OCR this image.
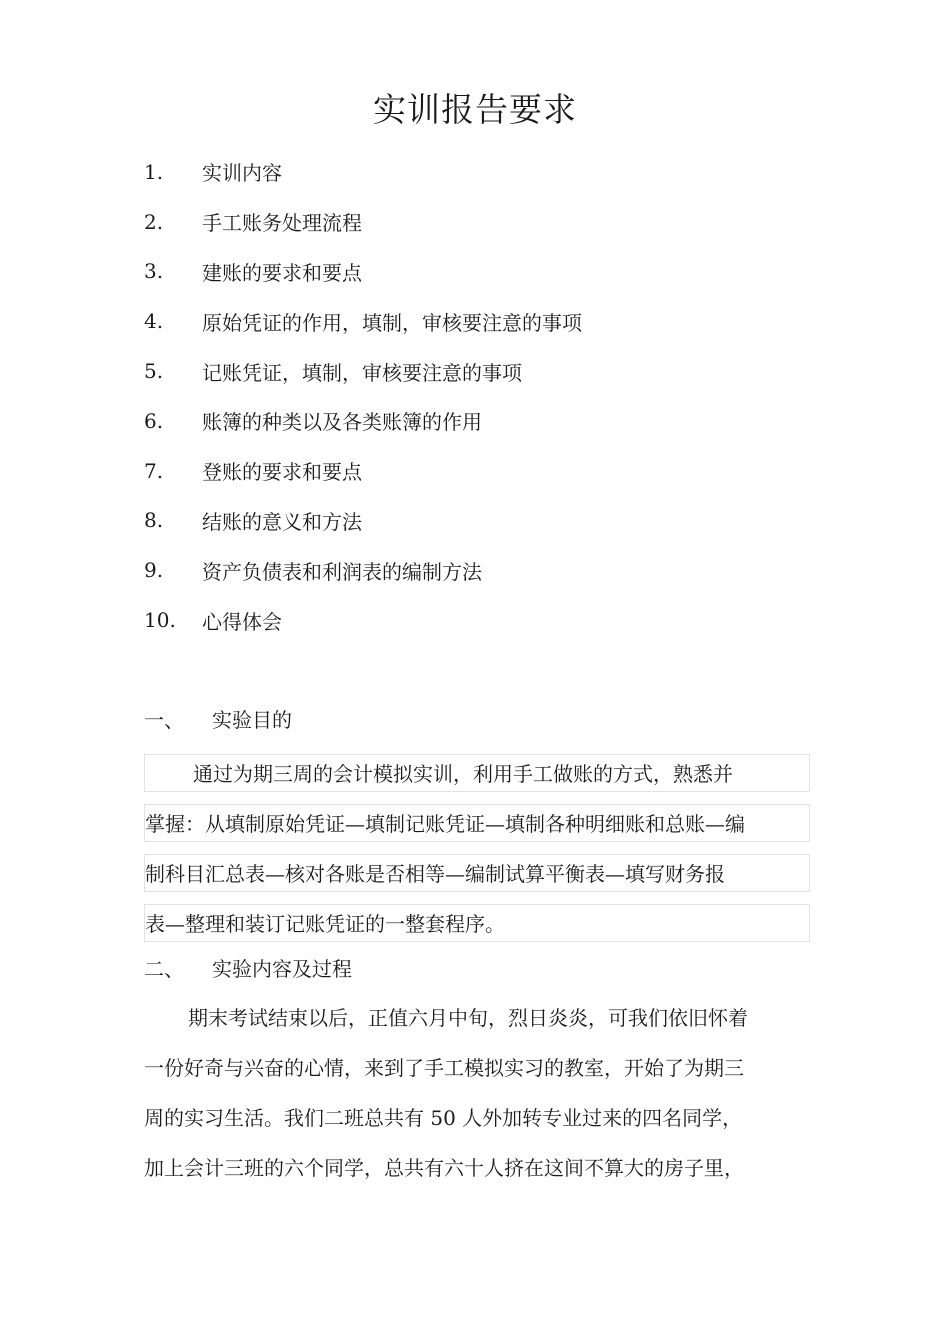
实训报告要求
1.	实训内容
2.	手工账务处理流程
3.	建账的要求和要点
4.	原始凭证的作用，填制，审核要注意的事项
5.	记账凭证，填制，审核要注意的事项
6.	账簿的种类以及各类账簿的作用
7.	登账的要求和要点
8.	结账的意义和方法
9.	资产负债表和利润表的编制方法
10.	心得体会
一、	实验目的
通过为期三周的会计模拟实训，利用手工做账的方式，熟悉并
掌握：从填制原始凭证—填制记账凭证—填制各种明细账和总账—编
制科目汇总表—核对各账是否相等—编制试算平衡表—填写财务报
表—整理和装订记账凭证的一整套程序。
二、	实验内容及过程
期末考试结束以后，正值六月中旬，烈日炎炎，可我们依旧怀着
一份好奇与兴奋的心情，来到了手工模拟实习的教室，开始了为期三
周的实习生活。我们二班总共有 50 人外加转专业过来的四名同学，
加上会计三班的六个同学，总共有六十人挤在这间不算大的房子里，
